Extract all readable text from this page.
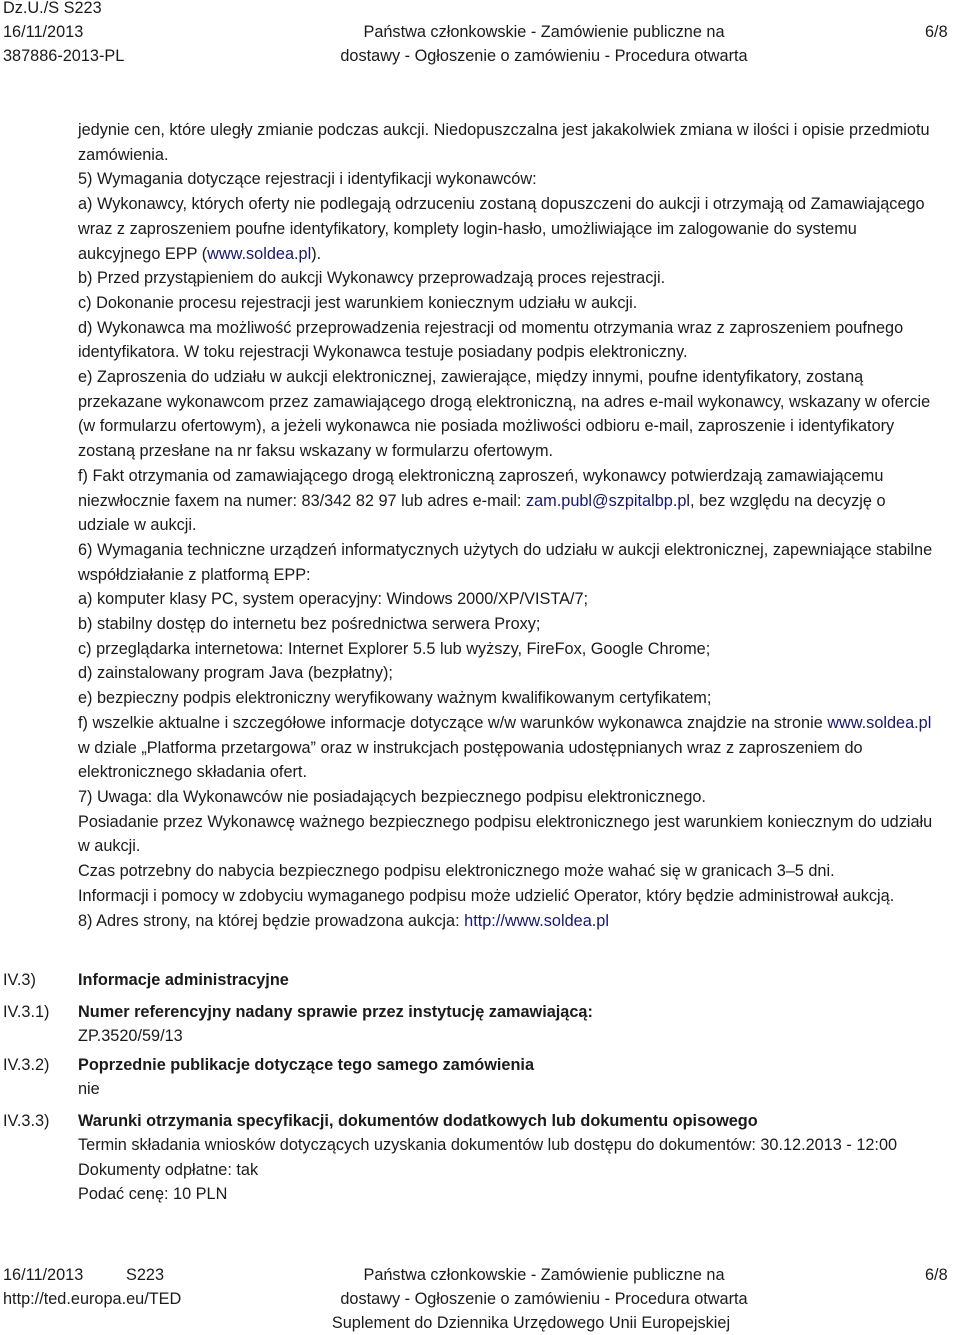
Dz.U./S S223
16/11/2013
387886-2013-PL
Państwa członkowskie - Zamówienie publiczne na
dostawy - Ogłoszenie o zamówieniu - Procedura otwarta
6/8
jedynie cen, które uległy zmianie podczas aukcji. Niedopuszczalna jest jakakolwiek zmiana w ilości i opisie przedmiotu zamówienia.
5) Wymagania dotyczące rejestracji i identyfikacji wykonawców:
a) Wykonawcy, których oferty nie podlegają odrzuceniu zostaną dopuszczeni do aukcji i otrzymają od Zamawiającego wraz z zaproszeniem poufne identyfikatory, komplety login-hasło, umożliwiające im zalogowanie do systemu aukcyjnego EPP (www.soldea.pl).
b) Przed przystąpieniem do aukcji Wykonawcy przeprowadzają proces rejestracji.
c) Dokonanie procesu rejestracji jest warunkiem koniecznym udziału w aukcji.
d) Wykonawca ma możliwość przeprowadzenia rejestracji od momentu otrzymania wraz z zaproszeniem poufnego identyfikatora. W toku rejestracji Wykonawca testuje posiadany podpis elektroniczny.
e) Zaproszenia do udziału w aukcji elektronicznej, zawierające, między innymi, poufne identyfikatory, zostaną przekazane wykonawcom przez zamawiającego drogą elektroniczną, na adres e-mail wykonawcy, wskazany w ofercie (w formularzu ofertowym), a jeżeli wykonawca nie posiada możliwości odbioru e-mail, zaproszenie i identyfikatory zostaną przesłane na nr faksu wskazany w formularzu ofertowym.
f) Fakt otrzymania od zamawiającego drogą elektroniczną zaproszeń, wykonawcy potwierdzają zamawiającemu niezwłocznie faxem na numer: 83/342 82 97 lub adres e-mail: zam.publ@szpitalbp.pl, bez względu na decyzję o udziale w aukcji.
6) Wymagania techniczne urządzeń informatycznych użytych do udziału w aukcji elektronicznej, zapewniające stabilne współdziałanie z platformą EPP:
a) komputer klasy PC, system operacyjny: Windows 2000/XP/VISTA/7;
b) stabilny dostęp do internetu bez pośrednictwa serwera Proxy;
c) przeglądarka internetowa: Internet Explorer 5.5 lub wyższy, FireFox, Google Chrome;
d) zainstalowany program Java (bezpłatny);
e) bezpieczny podpis elektroniczny weryfikowany ważnym kwalifikowanym certyfikatem;
f) wszelkie aktualne i szczegółowe informacje dotyczące w/w warunków wykonawca znajdzie na stronie www.soldea.pl w dziale „Platforma przetargowa” oraz w instrukcjach postępowania udostępnianych wraz z zaproszeniem do elektronicznego składania ofert.
7) Uwaga: dla Wykonawców nie posiadających bezpiecznego podpisu elektronicznego.
Posiadanie przez Wykonawcę ważnego bezpiecznego podpisu elektronicznego jest warunkiem koniecznym do udziału w aukcji.
Czas potrzebny do nabycia bezpiecznego podpisu elektronicznego może wahać się w granicach 3–5 dni.
Informacji i pomocy w zdobyciu wymaganego podpisu może udzielić Operator, który będzie administrował aukcją.
8) Adres strony, na której będzie prowadzona aukcja: http://www.soldea.pl
IV.3)	Informacje administracyjne
IV.3.1) Numer referencyjny nadany sprawie przez instytucję zamawiającą:
ZP.3520/59/13
IV.3.2) Poprzednie publikacje dotyczące tego samego zamówienia
nie
IV.3.3) Warunki otrzymania specyfikacji, dokumentów dodatkowych lub dokumentu opisowego
Termin składania wniosków dotyczących uzyskania dokumentów lub dostępu do dokumentów: 30.12.2013 - 12:00
Dokumenty odpłatne: tak
Podać cenę: 10 PLN
16/11/2013	S223
http://ted.europa.eu/TED
Państwa członkowskie - Zamówienie publiczne na
dostawy - Ogłoszenie o zamówieniu - Procedura otwarta
Suplement do Dziennika Urzędowego Unii Europejskiej
6/8
